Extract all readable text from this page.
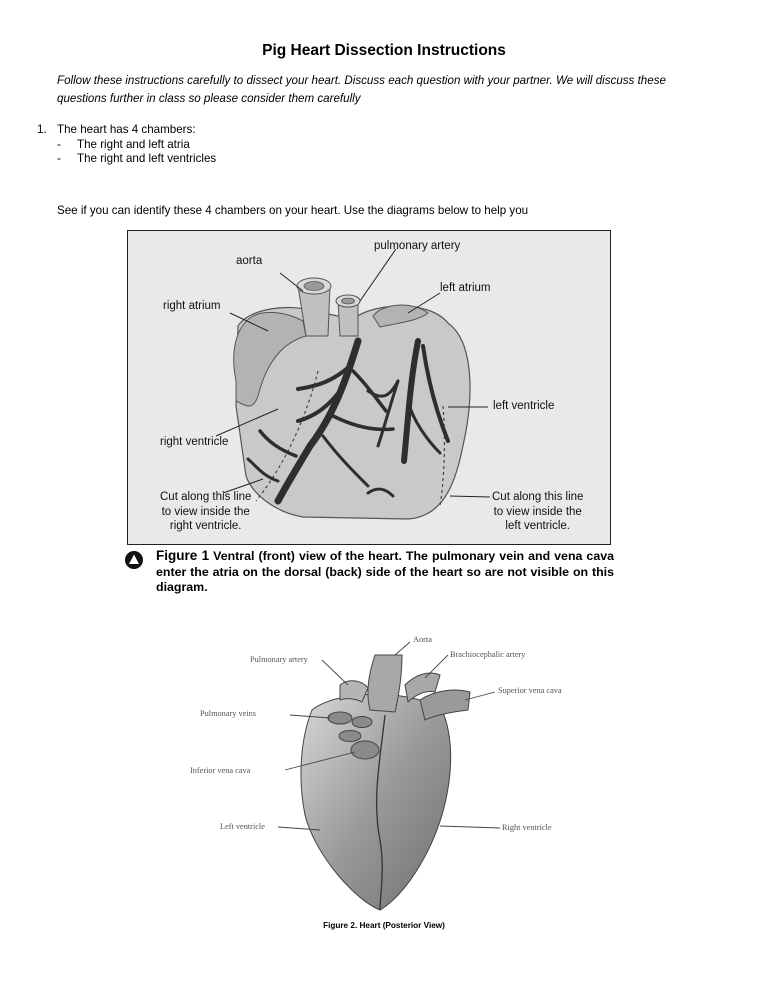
Pig Heart Dissection Instructions
Follow these instructions carefully to dissect your heart. Discuss each question with your partner. We will discuss these questions further in class so please consider them carefully
1. The heart has 4 chambers:
- The right and left atria
- The right and left ventricles
See if you can identify these 4 chambers on your heart. Use the diagrams below to help you
aorta
pulmonary artery
right atrium
left atrium
left ventricle
right ventricle
Cut along this line
to view inside the
right ventricle.
Cut along this line
to view inside the
left ventricle.
Figure 1 Ventral (front) view of the heart. The pulmonary vein and vena cava enter the atria on the dorsal (back) side of the heart so are not visible on this diagram.
Aorta
Pulmonary artery
Brachiocephalic artery
Superior vena cava
Pulmonary veins
Inferior vena cava
Left ventricle	Right ventricle
Figure 2. Heart (Posterior View)
